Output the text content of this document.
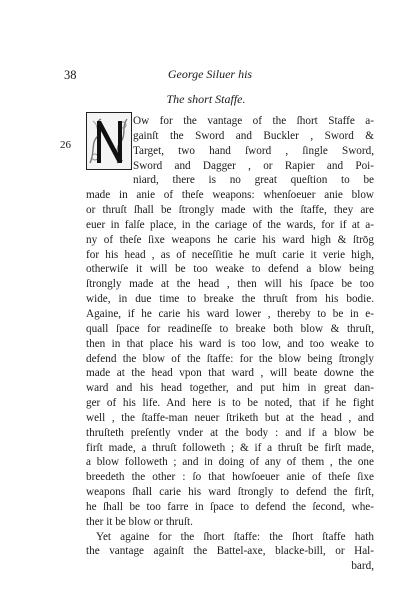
38	George Siluer his
The short Staffe.
26
Ow for the vantage of the ſhort Staffe a-
gainſt the Sword and Buckler , Sword &
Target, two hand ſword , ſingle Sword,
Sword and Dagger , or Rapier and Poi-
niard, there is no great queſtion to be
made in anie of theſe weapons: whenſoeuer anie blow
or thruſt ſhall be ſtrongly made with the ſtaffe, they are
euer in falſe place, in the cariage of the wards, for if at a-
ny of theſe ſixe weapons he carie his ward high & ſtrōg
for his head , as of neceſſitie he muſt carie it verie high,
otherwiſe it will be too weake to defend a blow being
ſtrongly made at the head , then will his ſpace be too
wide, in due time to breake the thruſt from his bodie.
Againe, if he carie his ward lower , thereby to be in e-
quall ſpace for readineſſe to breake both blow & thruſt,
then in that place his ward is too low, and too weake to
defend the blow of the ſtaffe: for the blow being ſtrongly
made at the head vpon that ward , will beate downe the
ward and his head together, and put him in great dan-
ger of his life. And here is to be noted, that if he fight
well , the ſtaffe-man neuer ſtriketh but at the head , and
thruſteth preſently vnder at the body : and if a blow be
firſt made, a thruſt followeth ; & if a thruſt be firſt made,
a blow followeth ; and in doing of any of them , the one
breedeth the other : ſo that howſoeuer anie of theſe ſixe
weapons ſhall carie his ward ſtrongly to defend the firſt,
he ſhall be too farre in ſpace to defend the ſecond, whe-
ther it be blow or thruſt.
Yet againe for the ſhort ſtaffe: the ſhort ſtaffe hath
the vantage againſt the Battel-axe, blacke-bill, or Hal-
bard,
